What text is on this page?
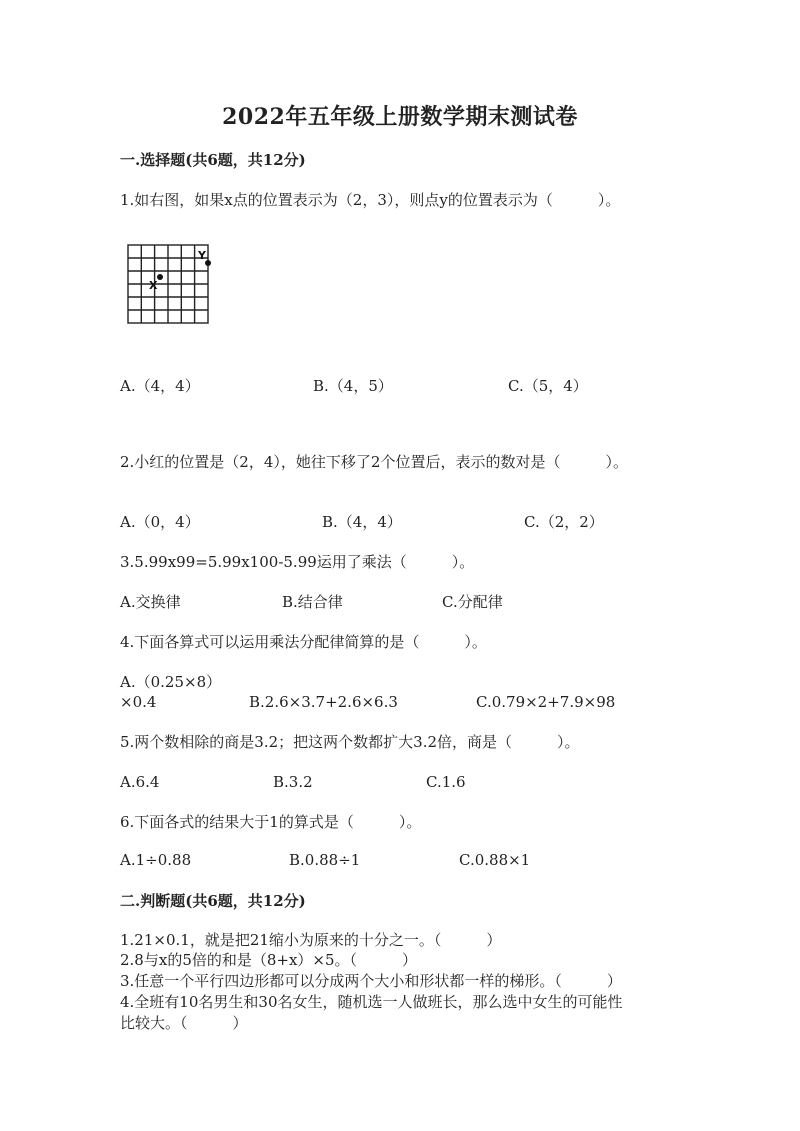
2022年五年级上册数学期末测试卷
一.选择题(共6题，共12分)
1.如右图，如果x点的位置表示为（2，3），则点y的位置表示为（　　　）。
X
Y
A.（4，4）	B.（4，5）	C.（5，4）
2.小红的位置是（2，4），她往下移了2个位置后，表示的数对是（　　　）。
A.（0，4）	B.（4，4）	C.（2，2）
3.5.99x99=5.99x100-5.99运用了乘法（　　　）。
A.交换律	B.结合律	C.分配律
4.下面各算式可以运用乘法分配律简算的是（　　　）。
A.（0.25×8）
×0.4	B.2.6×3.7+2.6×6.3	C.0.79×2+7.9×98
5.两个数相除的商是3.2；把这两个数都扩大3.2倍，商是（　　　）。
A.6.4	B.3.2	C.1.6
6.下面各式的结果大于1的算式是（　　　）。
A.1÷0.88	B.0.88÷1	C.0.88×1
二.判断题(共6题，共12分)
1.21×0.1，就是把21缩小为原来的十分之一。（　　　）
2.8与x的5倍的和是（8+x）×5。（　　　）
3.任意一个平行四边形都可以分成两个大小和形状都一样的梯形。（　　　）
4.全班有10名男生和30名女生，随机选一人做班长，那么选中女生的可能性
比较大。（　　　）
